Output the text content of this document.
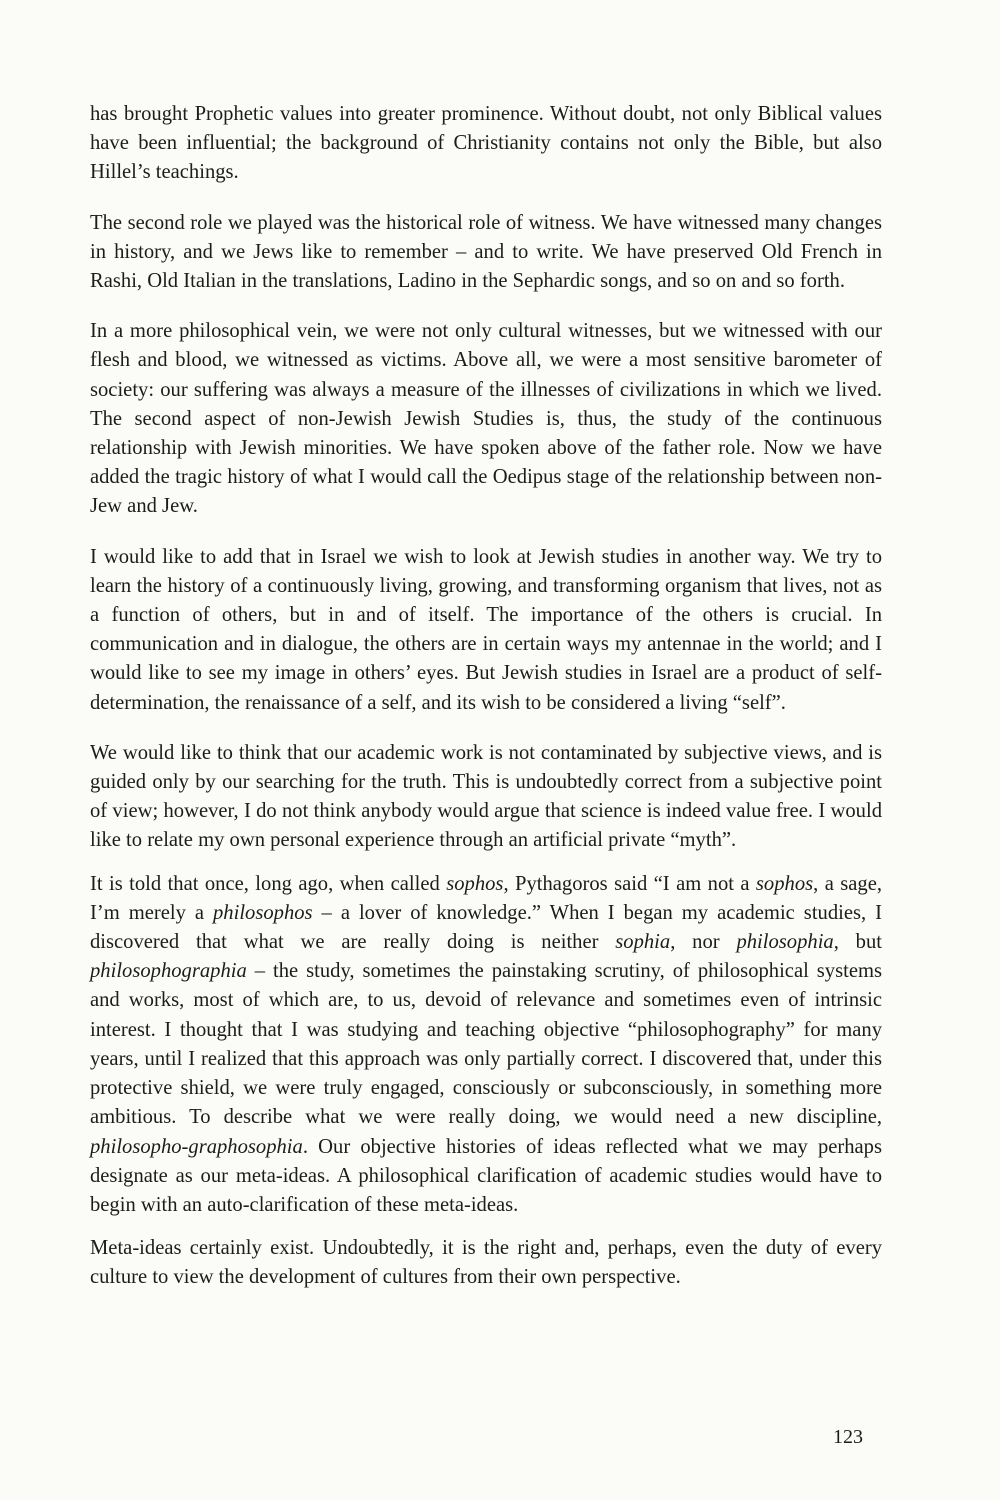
has brought Prophetic values into greater prominence. Without doubt, not only Biblical values have been influential; the background of Christianity contains not only the Bible, but also Hillel’s teachings.

The second role we played was the historical role of witness. We have witnessed many changes in history, and we Jews like to remember – and to write. We have preserved Old French in Rashi, Old Italian in the translations, Ladino in the Sephardic songs, and so on and so forth.

In a more philosophical vein, we were not only cultural witnesses, but we witnessed with our flesh and blood, we witnessed as victims. Above all, we were a most sensitive barometer of society: our suffering was always a measure of the illnesses of civilizations in which we lived. The second aspect of non-Jewish Jewish Studies is, thus, the study of the continuous relationship with Jewish minorities. We have spoken above of the father role. Now we have added the tragic history of what I would call the Oedipus stage of the relationship between non-Jew and Jew.

I would like to add that in Israel we wish to look at Jewish studies in another way. We try to learn the history of a continuously living, growing, and transforming organism that lives, not as a function of others, but in and of itself. The importance of the others is crucial. In communication and in dialogue, the others are in certain ways my antennae in the world; and I would like to see my image in others’ eyes. But Jewish studies in Israel are a product of self-determination, the renaissance of a self, and its wish to be considered a living “self”.

We would like to think that our academic work is not contaminated by subjective views, and is guided only by our searching for the truth. This is undoubtedly correct from a subjective point of view; however, I do not think anybody would argue that science is indeed value free. I would like to relate my own personal experience through an artificial private “myth”.

It is told that once, long ago, when called sophos, Pythagoros said “I am not a sophos, a sage, I’m merely a philosophos – a lover of knowledge.” When I began my academic studies, I discovered that what we are really doing is neither sophia, nor philosophia, but philosophographia – the study, sometimes the painstaking scrutiny, of philosophical systems and works, most of which are, to us, devoid of relevance and sometimes even of intrinsic interest. I thought that I was studying and teaching objective “philosophography” for many years, until I realized that this approach was only partially correct. I discovered that, under this protective shield, we were truly engaged, consciously or subconsciously, in something more ambitious. To describe what we were really doing, we would need a new discipline, philosopho-graphosophia. Our objective histories of ideas reflected what we may perhaps designate as our meta-ideas. A philosophical clarification of academic studies would have to begin with an auto-clarification of these meta-ideas.

Meta-ideas certainly exist. Undoubtedly, it is the right and, perhaps, even the duty of every culture to view the development of cultures from their own perspective.

123
